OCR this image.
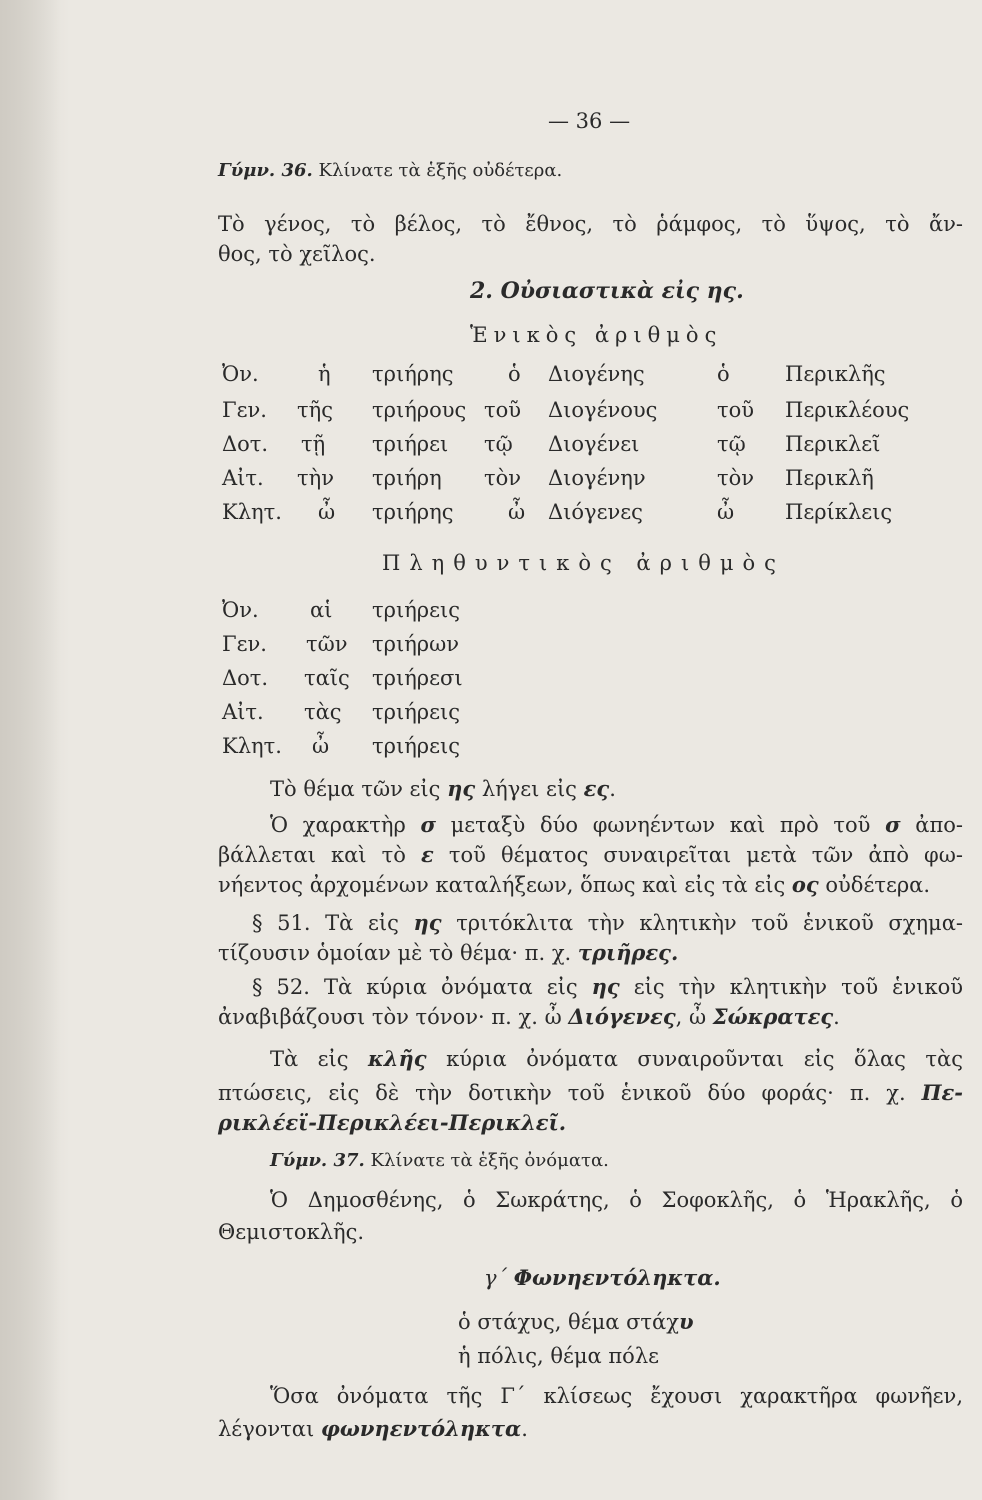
— 36 —
Γύμν. 36. Κλίνατε τὰ ἑξῆς οὐδέτερα.
Τὸ γένος, τὸ βέλος, τὸ ἔθνος, τὸ ῥάμφος, τὸ ὕψος, τὸ ἄν-
θος, τὸ χεῖλος.
2. Οὐσιαστικὰ εἰς ης.
Ἑνικὸς ἀριθμὸς
Ὀν.	ἡ τριήρης	ὁ Διογένης	ὁ	Περικλῆς
Γεν. τῆς τριήρους τοῦ Διογένους	τοῦ Περικλέους
Δοτ. τῇ τριήρει τῷ Διογένει	τῷ Περικλεῖ
Αἰτ. τὴν τριήρη τὸν Διογένην	τὸν Περικλῆ
Κλητ. ὦ τριήρης	ὦ Διόγενες	ὦ Περίκλεις
Πληθυντικὸς ἀριθμὸς
Ὀν. αἱ τριήρεις
Γεν. τῶν τριήρων
Δοτ. ταῖς τριήρεσι
Αἰτ. τὰς τριήρεις
Κλητ. ὦ τριήρεις
Τὸ θέμα τῶν εἰς ης λήγει εἰς ες.
Ὁ χαρακτὴρ σ μεταξὺ δύο φωνηέντων καὶ πρὸ τοῦ σ ἀπο-
βάλλεται καὶ τὸ ε τοῦ θέματος συναιρεῖται μετὰ τῶν ἀπὸ φω-
νήεντος ἀρχομένων καταλήξεων, ὅπως καὶ εἰς τὰ εἰς ος οὐδέτερα.
§ 51. Τὰ εἰς ης τριτόκλιτα τὴν κλητικὴν τοῦ ἑνικοῦ σχημα-
τίζουσιν ὁμοίαν μὲ τὸ θέμα· π. χ. τριῆρες.
§ 52. Τὰ κύρια ὀνόματα εἰς ης εἰς τὴν κλητικὴν τοῦ ἑνικοῦ
ἀναβιβάζουσι τὸν τόνον· π. χ. ὦ Διόγενες, ὦ Σώκρατες.
Τὰ εἰς κλῆς κύρια ὀνόματα συναιροῦνται εἰς ὅλας τὰς
πτώσεις, εἰς δὲ τὴν δοτικὴν τοῦ ἑνικοῦ δύο φοράς· π. χ. Πε-
ρικλέεϊ-Περικλέει-Περικλεῖ.
Γύμν. 37. Κλίνατε τὰ ἑξῆς ὀνόματα.
Ὁ Δημοσθένης, ὁ Σωκράτης, ὁ Σοφοκλῆς, ὁ Ἡρακλῆς, ὁ
Θεμιστοκλῆς.
γ΄ Φωνηεντόληκτα.
ὁ στάχυς, θέμα στάχυ
ἡ πόλις, θέμα πόλε
Ὅσα ὀνόματα τῆς Γ΄ κλίσεως ἔχουσι χαρακτῆρα φωνῆεν,
λέγονται φωνηεντόληκτα.
